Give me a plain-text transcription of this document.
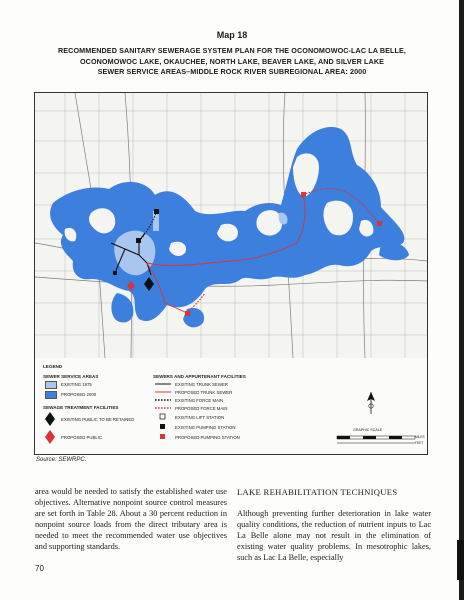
Map 18
RECOMMENDED SANITARY SEWERAGE SYSTEM PLAN FOR THE OCONOMOWOC-LAC LA BELLE,
OCONOMOWOC LAKE, OKAUCHEE, NORTH LAKE, BEAVER LAKE, AND SILVER LAKE
SEWER SERVICE AREAS–MIDDLE ROCK RIVER SUBREGIONAL AREA: 2000
LEGEND
SEWER SERVICE AREAS
EXISTING 1975
PROPOSED 2000
SEWAGE TREATMENT FACILITIES
EXISTING PUBLIC TO BE RETAINED
PROPOSED PUBLIC
SEWERS AND APPURTENANT FACILITIES
EXISTING TRUNK SEWER
PROPOSED TRUNK SEWER
EXISTING FORCE MAIN
PROPOSED FORCE MAIN
EXISTING LIFT STATION
EXISTING PUMPING STATION
PROPOSED PUMPING STATION
GRAPHIC SCALE
MILES
FEET
Source: SEWRPC.

area would be needed to satisfy the established water use objectives. Alternative nonpoint source control measures are set forth in Table 28. About a 30 percent reduction in nonpoint source loads from the direct tributary area is needed to meet the recommended water use objectives and supporting standards.

LAKE REHABILITATION TECHNIQUES

Although preventing further deterioration in lake water quality conditions, the reduction of nutrient inputs to Lac La Belle alone may not result in the elimination of existing water quality problems. In mesotrophic lakes, such as Lac La Belle, especially

70
